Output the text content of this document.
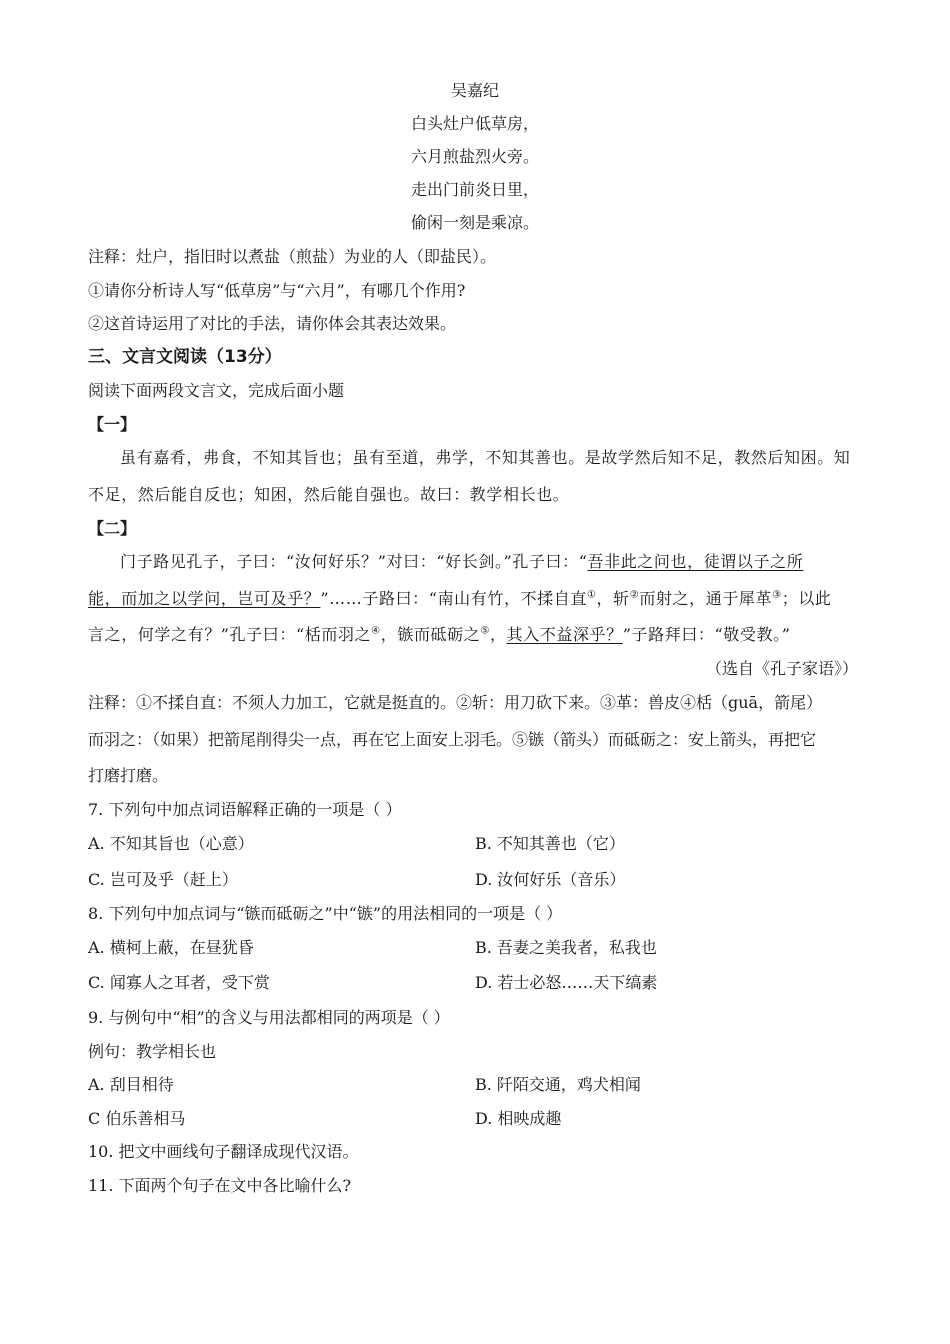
吴嘉纪
白头灶户低草房，
六月煎盐烈火旁。
走出门前炎日里，
偷闲一刻是乘凉。
注释：灶户，指旧时以煮盐（煎盐）为业的人（即盐民）。
①请你分析诗人写“低草房”与“六月”，有哪几个作用?
②这首诗运用了对比的手法，请你体会其表达效果。
三、文言文阅读（13分）
阅读下面两段文言文，完成后面小题
【一】
虽有嘉肴，弗食，不知其旨也；虽有至道，弗学，不知其善也。是故学然后知不足，教然后知困。知
不足，然后能自反也；知困，然后能自强也。故曰：教学相长也。
【二】
门子路见孔子，子曰：“汝何好乐？”对曰：“好长剑。”孔子曰：“吾非此之问也，徒谓以子之所
能，而加之以学问，岂可及乎？”……子路曰：“南山有竹，不揉自直①，斩②而射之，通于犀革③；以此
言之，何学之有？”孔子曰：“栝而羽之④，镞而砥砺之⑤，其入不益深乎？”子路拜曰：“敬受教。”
（选自《孔子家语》）
注释：①不揉自直：不须人力加工，它就是挺直的。②斩：用刀砍下来。③革：兽皮④栝（guā，箭尾）
而羽之：（如果）把箭尾削得尖一点，再在它上面安上羽毛。⑤镞（箭头）而砥砺之：安上箭头，再把它
打磨打磨。
7. 下列句中加点词语解释正确的一项是（ ）
A. 不知其旨也（心意）	B. 不知其善也（它）
C. 岂可及乎（赶上）	D. 汝何好乐（音乐）
8. 下列句中加点词与“镞而砥砺之”中“镞”的用法相同的一项是（ ）
A. 横柯上蔽，在昼犹昏	B. 吾妻之美我者，私我也
C. 闻寡人之耳者，受下赏	D. 若士必怒……天下缟素
9. 与例句中“相”的含义与用法都相同的两项是（ ）
例句：教学相长也
A. 刮目相待	B. 阡陌交通，鸡犬相闻
C 伯乐善相马	D. 相映成趣
10. 把文中画线句子翻译成现代汉语。
11. 下面两个句子在文中各比喻什么?
